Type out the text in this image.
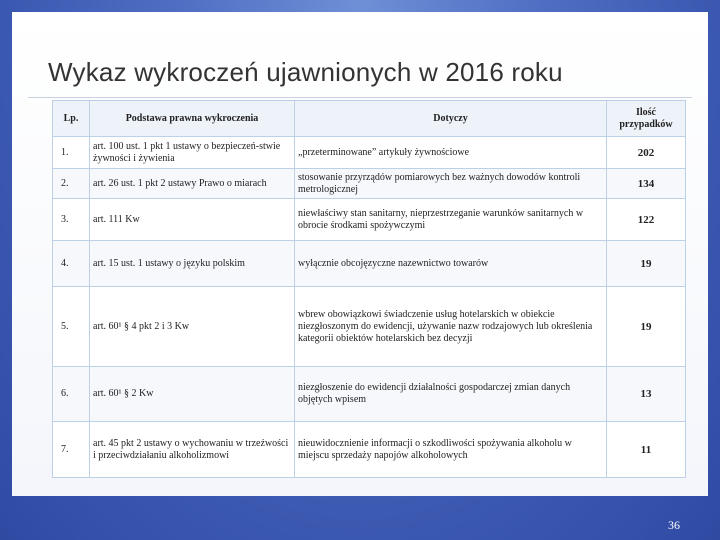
Wykaz wykroczeń ujawnionych w 2016 roku
Lp.	Podstawa prawna wykroczenia	Dotyczy	Ilość przypadków
1.	art. 100 ust. 1 pkt 1 ustawy o bezpieczeń-stwie żywności i żywienia	„przeterminowane” artykuły żywnościowe	202
2.	art. 26 ust. 1 pkt 2 ustawy Prawo o miarach	stosowanie przyrządów pomiarowych bez ważnych dowodów kontroli metrologicznej	134
3.	art. 111 Kw	niewłaściwy stan sanitarny, nieprzestrzeganie warunków sanitarnych w obrocie środkami spożywczymi	122
4.	art. 15 ust. 1 ustawy o języku polskim	wyłącznie obcojęzyczne nazewnictwo towarów	19
5.	art. 60¹ § 4 pkt 2 i 3 Kw	wbrew obowiązkowi świadczenie usług hotelarskich w obiekcie niezgłoszonym do ewidencji, używanie nazw rodzajowych lub określenia kategorii obiektów hotelarskich bez decyzji	19
6.	art. 60¹ § 2 Kw	niezgłoszenie do ewidencji działalności gospodarczej zmian danych objętych wpisem	13
7.	art. 45 pkt 2 ustawy o wychowaniu w trzeźwości i przeciwdziałaniu alkoholizmowi	nieuwidocznienie informacji o szkodliwości spożywania alkoholu w miejscu sprzedaży napojów alkoholowych	11
36
